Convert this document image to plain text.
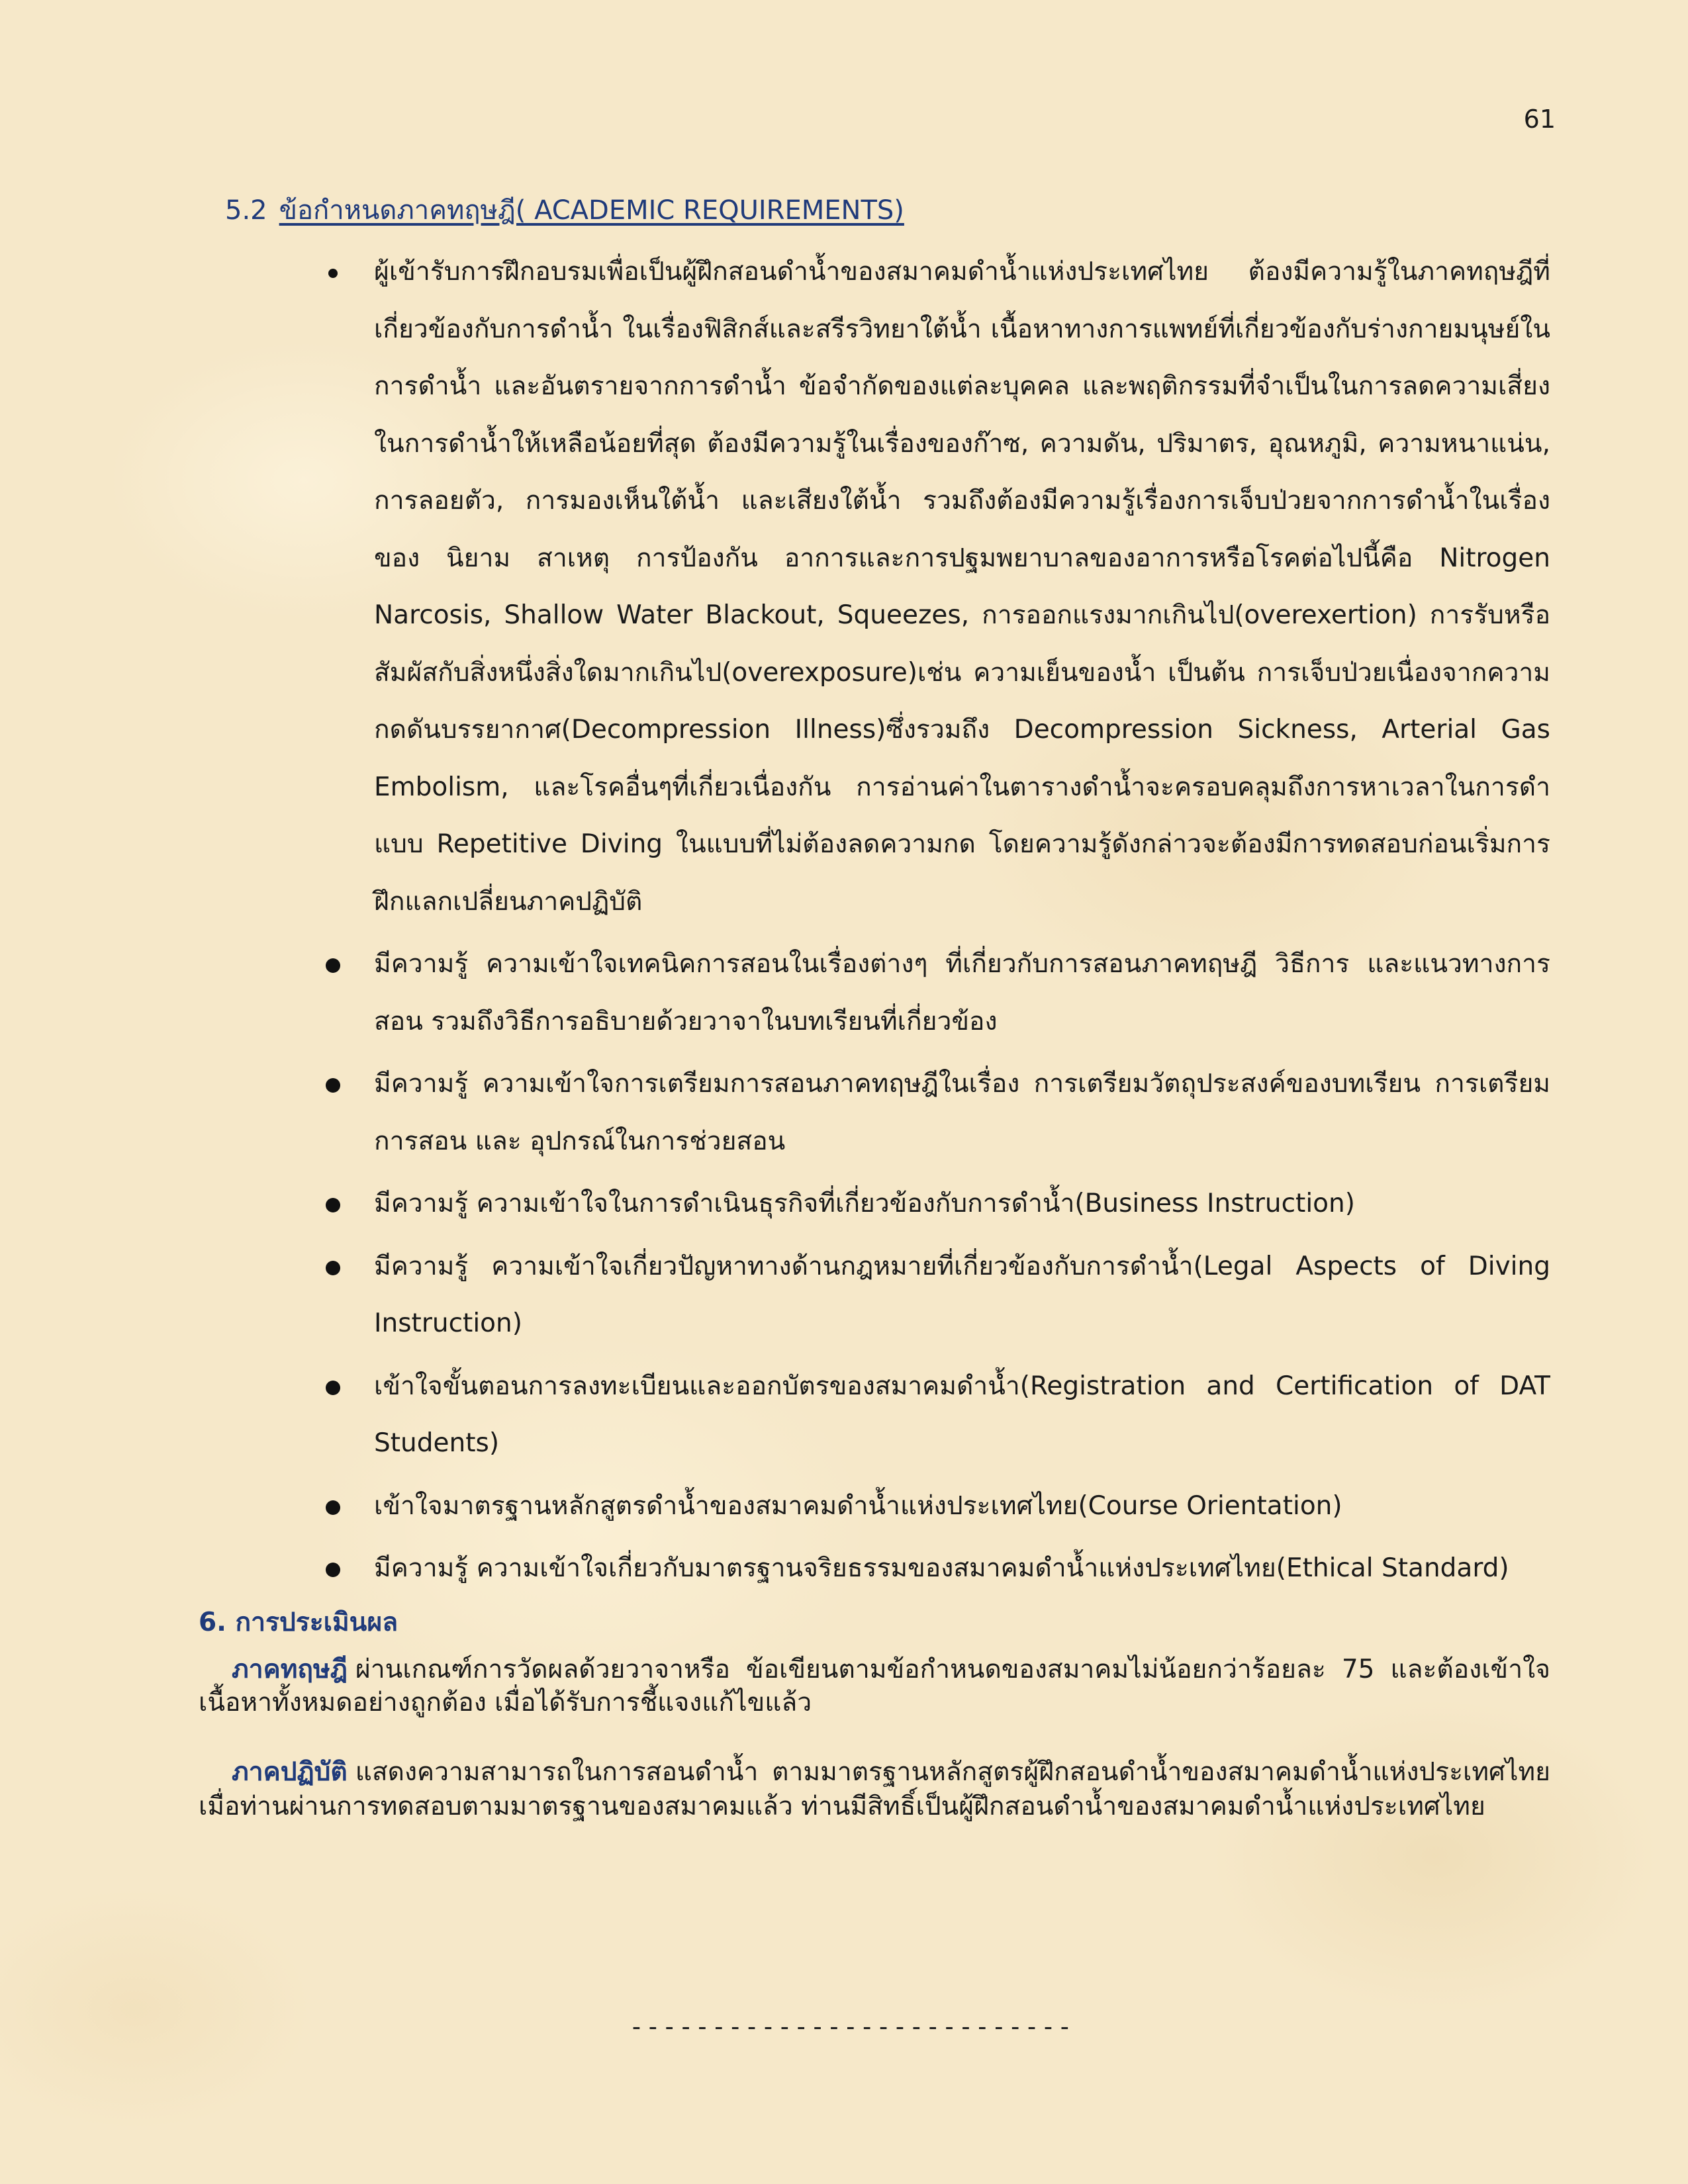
61
5.2 ข้อกำหนดภาคทฤษฎี( ACADEMIC REQUIREMENTS)
ผู้เข้ารับการฝึกอบรมเพื่อเป็นผู้ฝึกสอนดำน้ำของสมาคมดำน้ำแห่งประเทศไทย ต้องมีความรู้ในภาคทฤษฎีที่เกี่ยวข้องกับการดำน้ำ ในเรื่องฟิสิกส์และสรีรวิทยาใต้น้ำ เนื้อหาทางการแพทย์ที่เกี่ยวข้องกับร่างกายมนุษย์ในการดำน้ำ และอันตรายจากการดำน้ำ ข้อจำกัดของแต่ละบุคคล และพฤติกรรมที่จำเป็นในการลดความเสี่ยงในการดำน้ำให้เหลือน้อยที่สุด ต้องมีความรู้ในเรื่องของก๊าซ, ความดัน, ปริมาตร, อุณหภูมิ, ความหนาแน่น, การลอยตัว, การมองเห็นใต้น้ำ และเสียงใต้น้ำ รวมถึงต้องมีความรู้เรื่องการเจ็บป่วยจากการดำน้ำในเรื่องของ นิยาม สาเหตุ การป้องกัน อาการและการปฐมพยาบาลของอาการหรือโรคต่อไปนี้คือ Nitrogen Narcosis, Shallow Water Blackout, Squeezes, การออกแรงมากเกินไป(overexertion) การรับหรือสัมผัสกับสิ่งหนึ่งสิ่งใดมากเกินไป(overexposure)เช่น ความเย็นของน้ำ เป็นต้น การเจ็บป่วยเนื่องจากความกดดันบรรยากาศ(Decompression Illness)ซึ่งรวมถึง Decompression Sickness, Arterial Gas Embolism, และโรคอื่นๆที่เกี่ยวเนื่องกัน การอ่านค่าในตารางดำน้ำจะครอบคลุมถึงการหาเวลาในการดำแบบ Repetitive Diving ในแบบที่ไม่ต้องลดความกด โดยความรู้ดังกล่าวจะต้องมีการทดสอบก่อนเริ่มการฝึกแลกเปลี่ยนภาคปฏิบัติ
มีความรู้ ความเข้าใจเทคนิคการสอนในเรื่องต่างๆ ที่เกี่ยวกับการสอนภาคทฤษฎี วิธีการ และแนวทางการสอน รวมถึงวิธีการอธิบายด้วยวาจาในบทเรียนที่เกี่ยวข้อง
มีความรู้ ความเข้าใจการเตรียมการสอนภาคทฤษฎีในเรื่อง การเตรียมวัตถุประสงค์ของบทเรียน การเตรียมการสอน และ อุปกรณ์ในการช่วยสอน
มีความรู้ ความเข้าใจในการดำเนินธุรกิจที่เกี่ยวข้องกับการดำน้ำ(Business Instruction)
มีความรู้ ความเข้าใจเกี่ยวปัญหาทางด้านกฎหมายที่เกี่ยวข้องกับการดำน้ำ(Legal Aspects of Diving Instruction)
เข้าใจขั้นตอนการลงทะเบียนและออกบัตรของสมาคมดำน้ำ(Registration and Certification of DAT Students)
เข้าใจมาตรฐานหลักสูตรดำน้ำของสมาคมดำน้ำแห่งประเทศไทย(Course Orientation)
มีความรู้ ความเข้าใจเกี่ยวกับมาตรฐานจริยธรรมของสมาคมดำน้ำแห่งประเทศไทย(Ethical Standard)
6. การประเมินผล

ภาคทฤษฎี ผ่านเกณฑ์การวัดผลด้วยวาจาหรือ ข้อเขียนตามข้อกำหนดของสมาคมไม่น้อยกว่าร้อยละ 75 และต้องเข้าใจเนื้อหาทั้งหมดอย่างถูกต้อง เมื่อได้รับการชี้แจงแก้ไขแล้ว

ภาคปฏิบัติ แสดงความสามารถในการสอนดำน้ำ ตามมาตรฐานหลักสูตรผู้ฝึกสอนดำน้ำของสมาคมดำน้ำแห่งประเทศไทย เมื่อท่านผ่านการทดสอบตามมาตรฐานของสมาคมแล้ว ท่านมีสิทธิ์เป็นผู้ฝึกสอนดำน้ำของสมาคมดำน้ำแห่งประเทศไทย

---------------------------
